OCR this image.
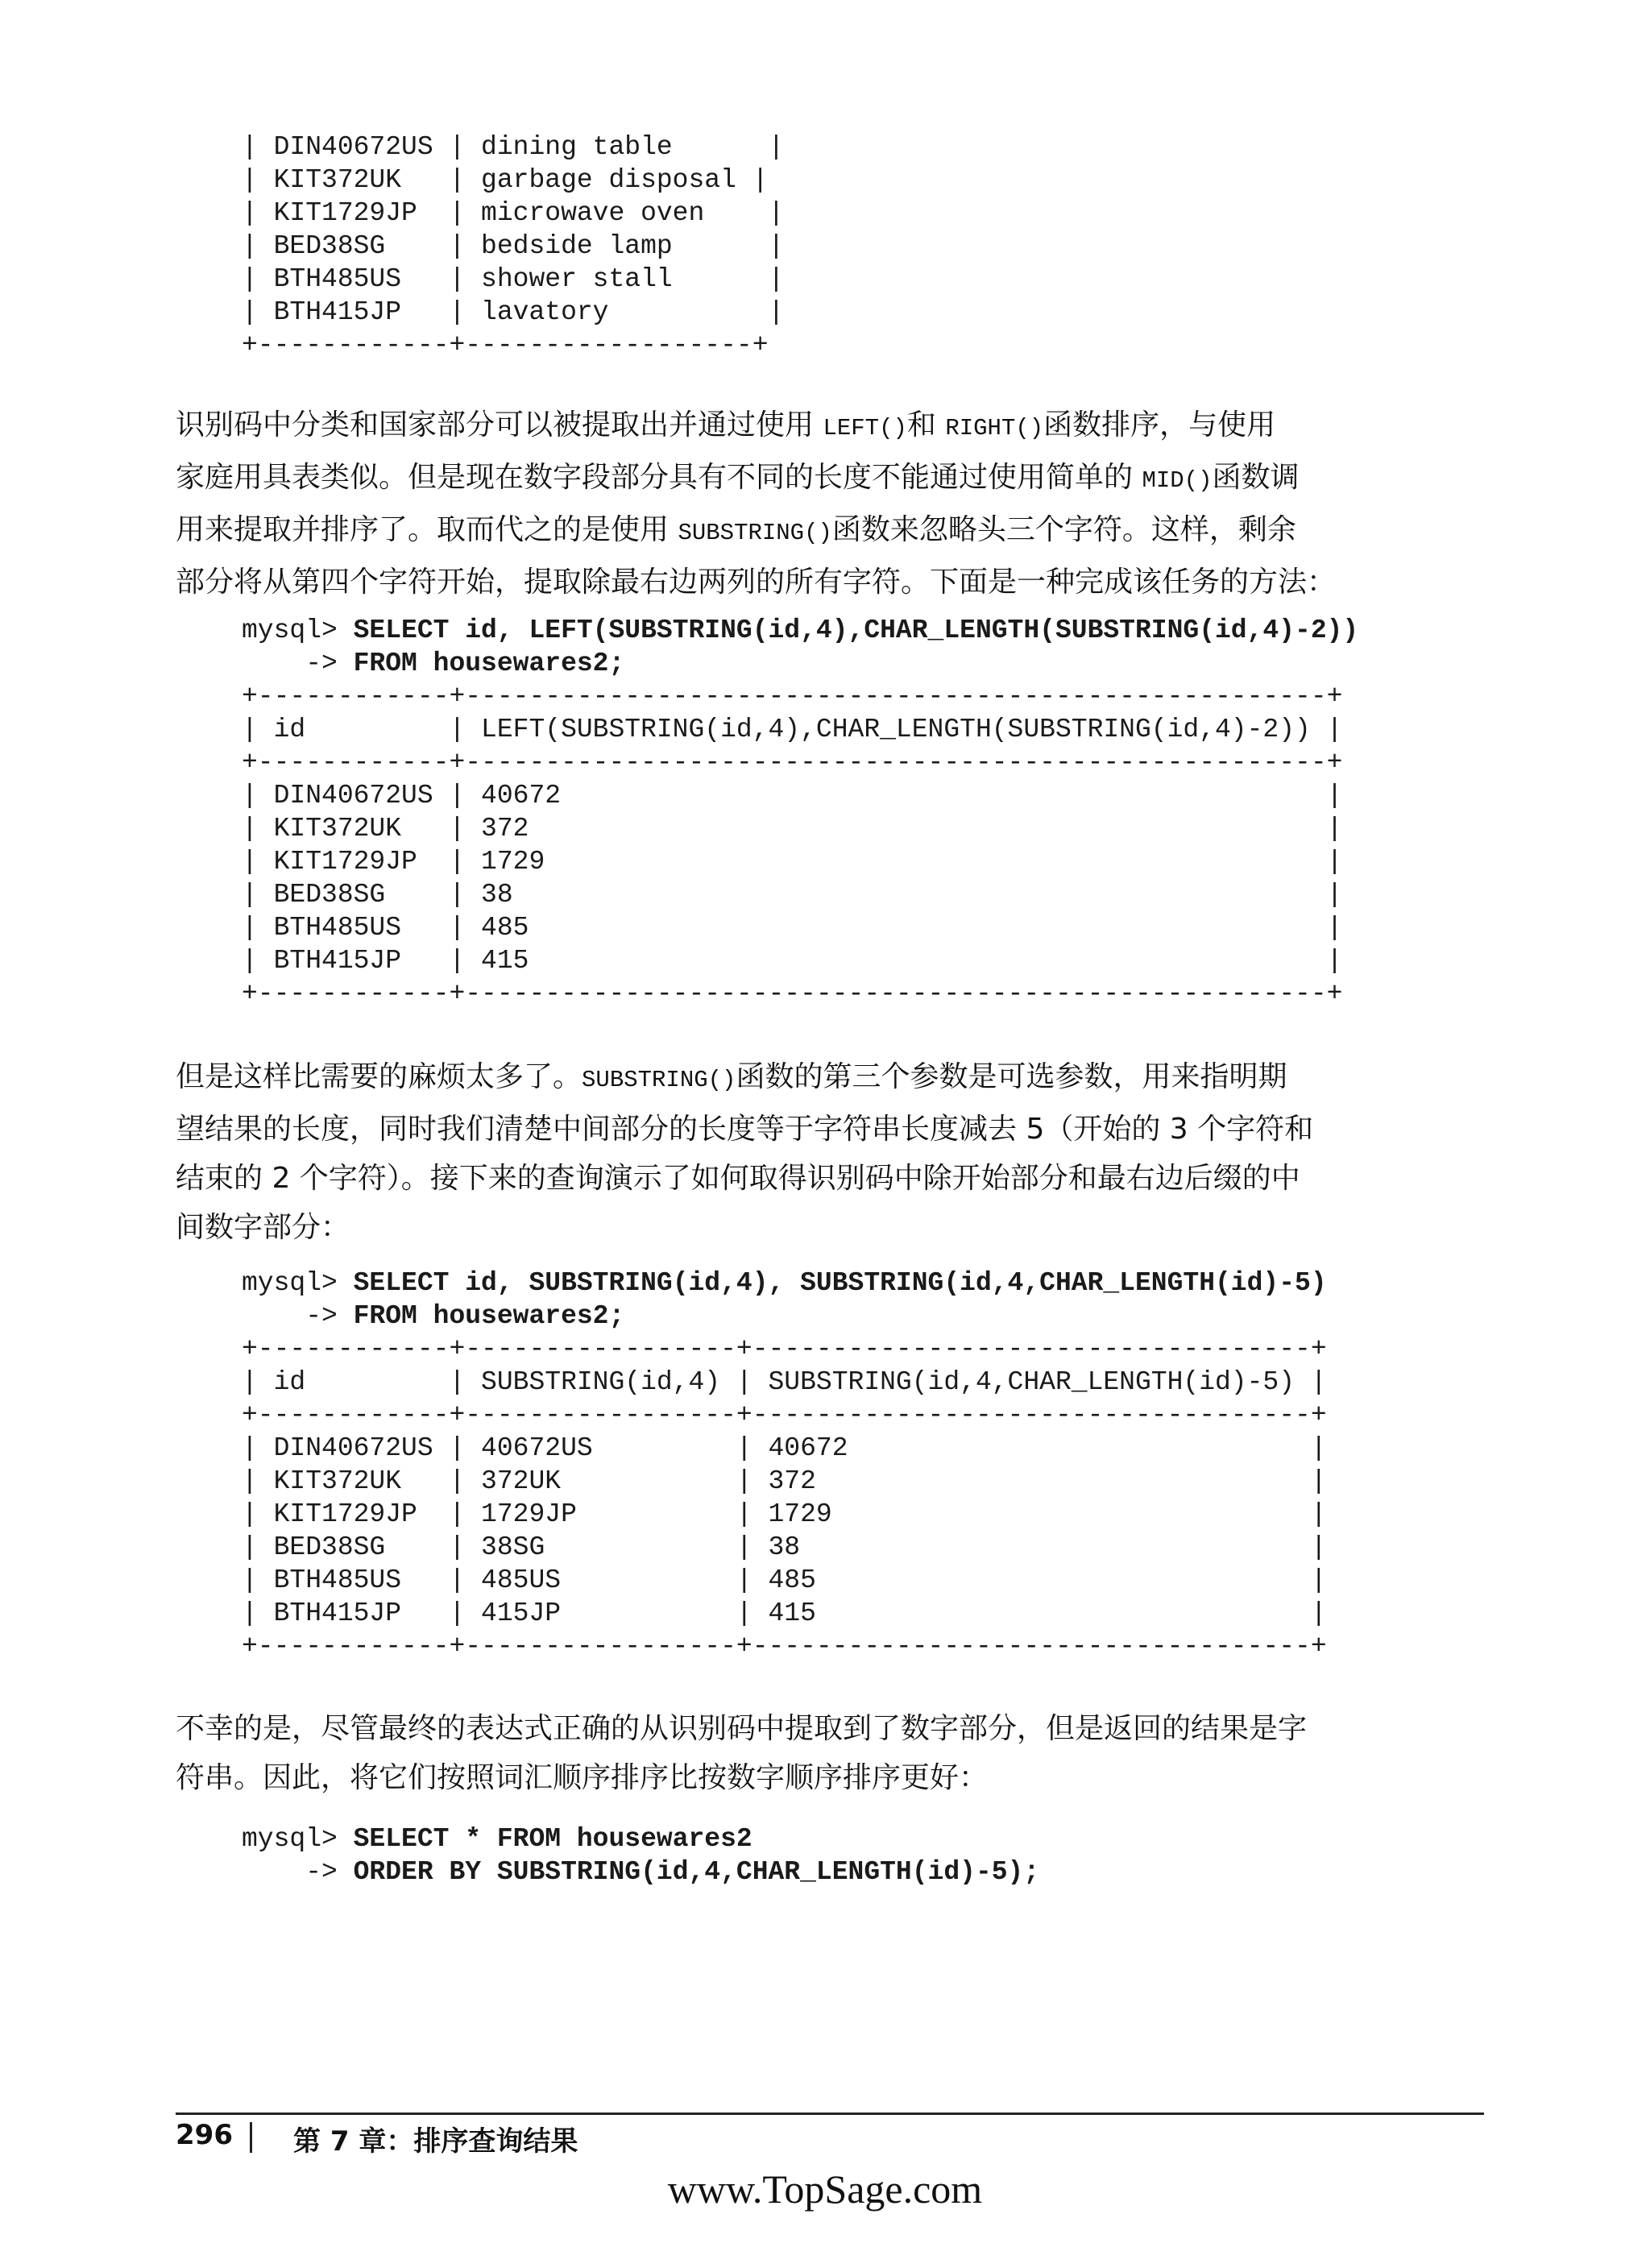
| DIN40672US | dining table      |
| KIT372UK   | garbage disposal |
| KIT1729JP  | microwave oven    |
| BED38SG    | bedside lamp      |
| BTH485US   | shower stall      |
| BTH415JP   | lavatory          |
+------------+------------------+
识别码中分类和国家部分可以被提取出并通过使用 LEFT()和 RIGHT()函数排序，与使用
家庭用具表类似。但是现在数字段部分具有不同的长度不能通过使用简单的 MID()函数调
用来提取并排序了。取而代之的是使用 SUBSTRING()函数来忽略头三个字符。这样，剩余
部分将从第四个字符开始，提取除最右边两列的所有字符。下面是一种完成该任务的方法：
mysql> SELECT id, LEFT(SUBSTRING(id,4),CHAR_LENGTH(SUBSTRING(id,4)-2))
-> FROM housewares2;
+------------+------------------------------------------------------+
| id         | LEFT(SUBSTRING(id,4),CHAR_LENGTH(SUBSTRING(id,4)-2)) |
+------------+------------------------------------------------------+
| DIN40672US | 40672                                                |
| KIT372UK   | 372                                                  |
| KIT1729JP  | 1729                                                 |
| BED38SG    | 38                                                   |
| BTH485US   | 485                                                  |
| BTH415JP   | 415                                                  |
+------------+------------------------------------------------------+
但是这样比需要的麻烦太多了。SUBSTRING()函数的第三个参数是可选参数，用来指明期
望结果的长度，同时我们清楚中间部分的长度等于字符串长度减去 5（开始的 3 个字符和
结束的 2 个字符）。接下来的查询演示了如何取得识别码中除开始部分和最右边后缀的中
间数字部分：
mysql> SELECT id, SUBSTRING(id,4), SUBSTRING(id,4,CHAR_LENGTH(id)-5)
-> FROM housewares2;
+------------+-----------------+-----------------------------------+
| id         | SUBSTRING(id,4) | SUBSTRING(id,4,CHAR_LENGTH(id)-5) |
+------------+-----------------+-----------------------------------+
| DIN40672US | 40672US         | 40672                             |
| KIT372UK   | 372UK           | 372                               |
| KIT1729JP  | 1729JP          | 1729                              |
| BED38SG    | 38SG            | 38                                |
| BTH485US   | 485US           | 485                               |
| BTH415JP   | 415JP           | 415                               |
+------------+-----------------+-----------------------------------+
不幸的是，尽管最终的表达式正确的从识别码中提取到了数字部分，但是返回的结果是字
符串。因此，将它们按照词汇顺序排序比按数字顺序排序更好：
mysql> SELECT * FROM housewares2
-> ORDER BY SUBSTRING(id,4,CHAR_LENGTH(id)-5);
296 第 7 章：排序查询结果
www.TopSage.com
